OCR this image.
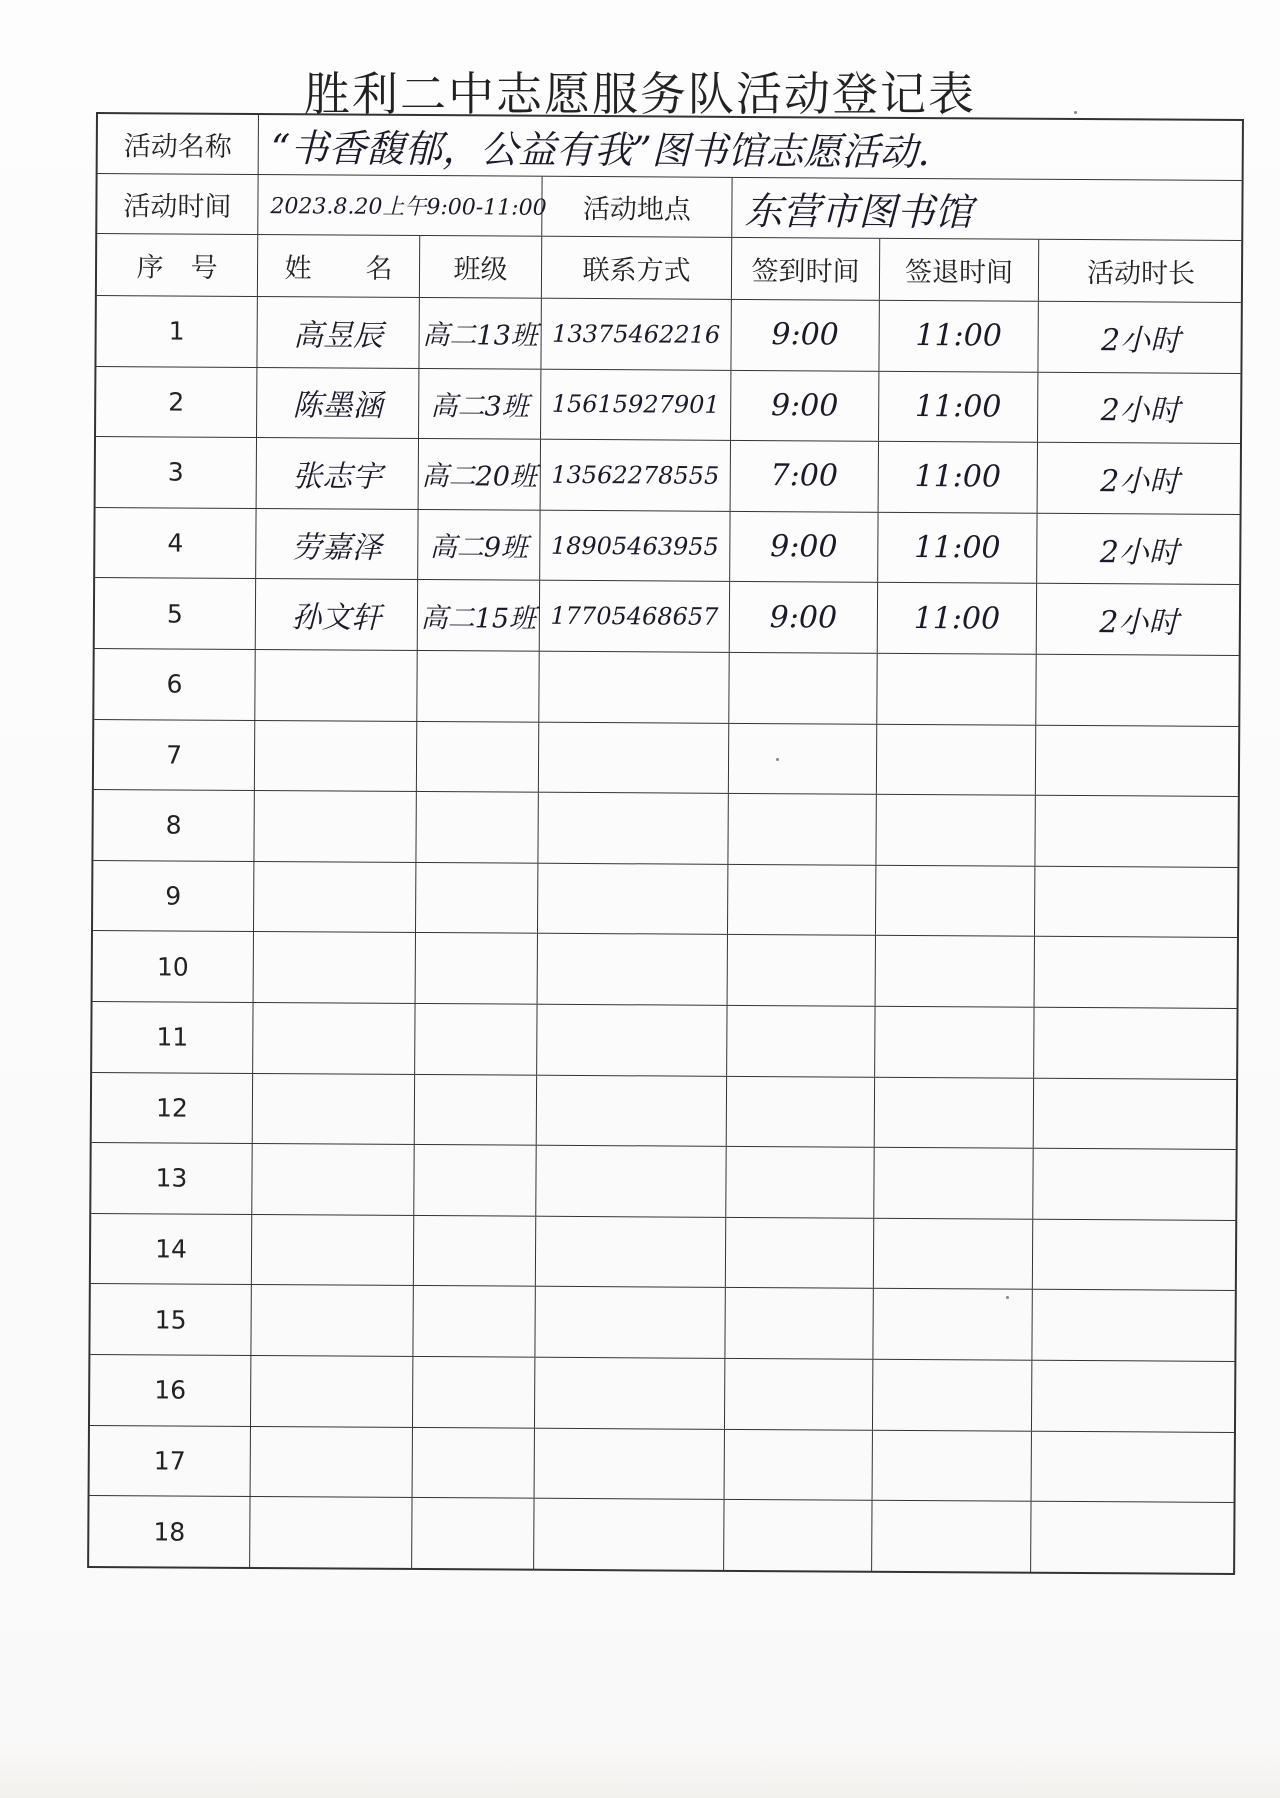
胜利二中志愿服务队活动登记表
活动名称	“书香馥郁，公益有我”图书馆志愿活动.
活动时间	2023.8.20上午9:00-11:00	活动地点	东营市图书馆
序　号	姓　　名	班级	联系方式	签到时间	签退时间	活动时长
1	高昱辰 高二13班 13375462216 9:00	11:00	2小时
2	陈墨涵 高二3班 15615927901 9:00	11:00	2小时
3	张志宇 高二20班 13562278555 7:00	11:00	2小时
4	劳嘉泽 高二9班 18905463955 9:00	11:00	2小时
5	孙文轩 高二15班 17705468657 9:00	11:00	2小时
6
7
8
9
10
11
12
13
14
15
16
17
18
